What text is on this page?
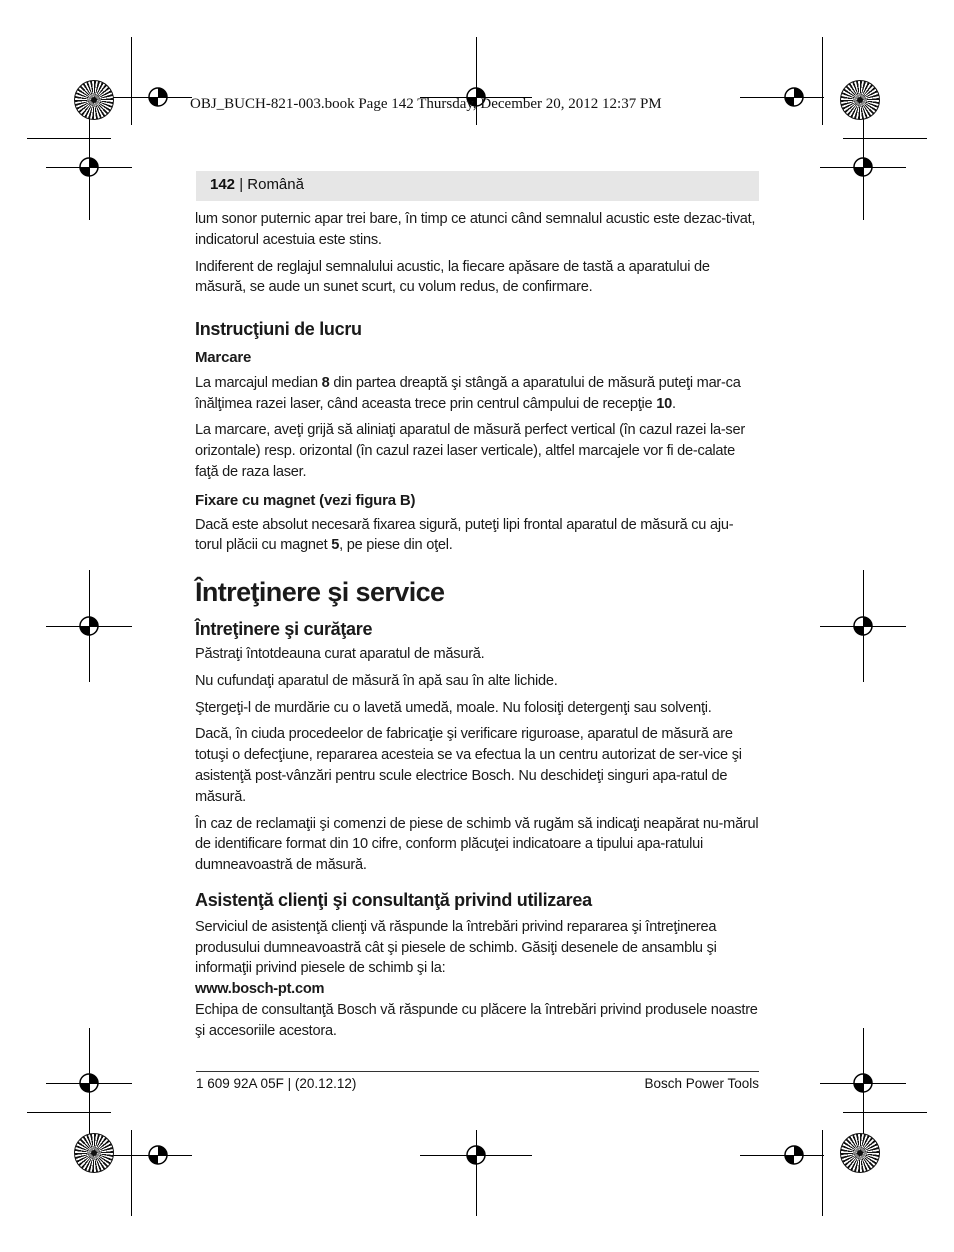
OBJ_BUCH-821-003.book Page 142 Thursday, December 20, 2012 12:37 PM
142 | Română

lum sonor puternic apar trei bare, în timp ce atunci când semnalul acustic este dezac-tivat, indicatorul acestuia este stins.

Indiferent de reglajul semnalului acustic, la fiecare apăsare de tastă a aparatului de măsură, se aude un sunet scurt, cu volum redus, de confirmare.

Instrucţiuni de lucru
Marcare

La marcajul median 8 din partea dreaptă şi stângă a aparatului de măsură puteţi mar-ca înălţimea razei laser, când aceasta trece prin centrul câmpului de recepţie 10.

La marcare, aveţi grijă să aliniaţi aparatul de măsură perfect vertical (în cazul razei la-ser orizontale) resp. orizontal (în cazul razei laser verticale), altfel marcajele vor fi de-calate faţă de raza laser.

Fixare cu magnet (vezi figura B)

Dacă este absolut necesară fixarea sigură, puteţi lipi frontal aparatul de măsură cu aju-torul plăcii cu magnet 5, pe piese din oţel.

Întreţinere şi service
Întreţinere şi curăţare

Păstraţi întotdeauna curat aparatul de măsură.

Nu cufundaţi aparatul de măsură în apă sau în alte lichide.

Ştergeţi-l de murdărie cu o lavetă umedă, moale. Nu folosiţi detergenţi sau solvenţi.

Dacă, în ciuda procedeelor de fabricaţie şi verificare riguroase, aparatul de măsură are totuşi o defecţiune, repararea acesteia se va efectua la un centru autorizat de ser-vice şi asistenţă post-vânzări pentru scule electrice Bosch. Nu deschideţi singuri apa-ratul de măsură.

În caz de reclamaţii şi comenzi de piese de schimb vă rugăm să indicaţi neapărat nu-mărul de identificare format din 10 cifre, conform plăcuţei indicatoare a tipului apa-ratului dumneavoastră de măsură.

Asistenţă clienţi şi consultanţă privind utilizarea

Serviciul de asistenţă clienţi vă răspunde la întrebări privind repararea şi întreţinerea produsului dumneavoastră cât şi piesele de schimb. Găsiţi desenele de ansamblu şi informaţii privind piesele de schimb şi la:

www.bosch-pt.com

Echipa de consultanţă Bosch vă răspunde cu plăcere la întrebări privind produsele noastre şi accesoriile acestora.

1 609 92A 05F | (20.12.12)	Bosch Power Tools
